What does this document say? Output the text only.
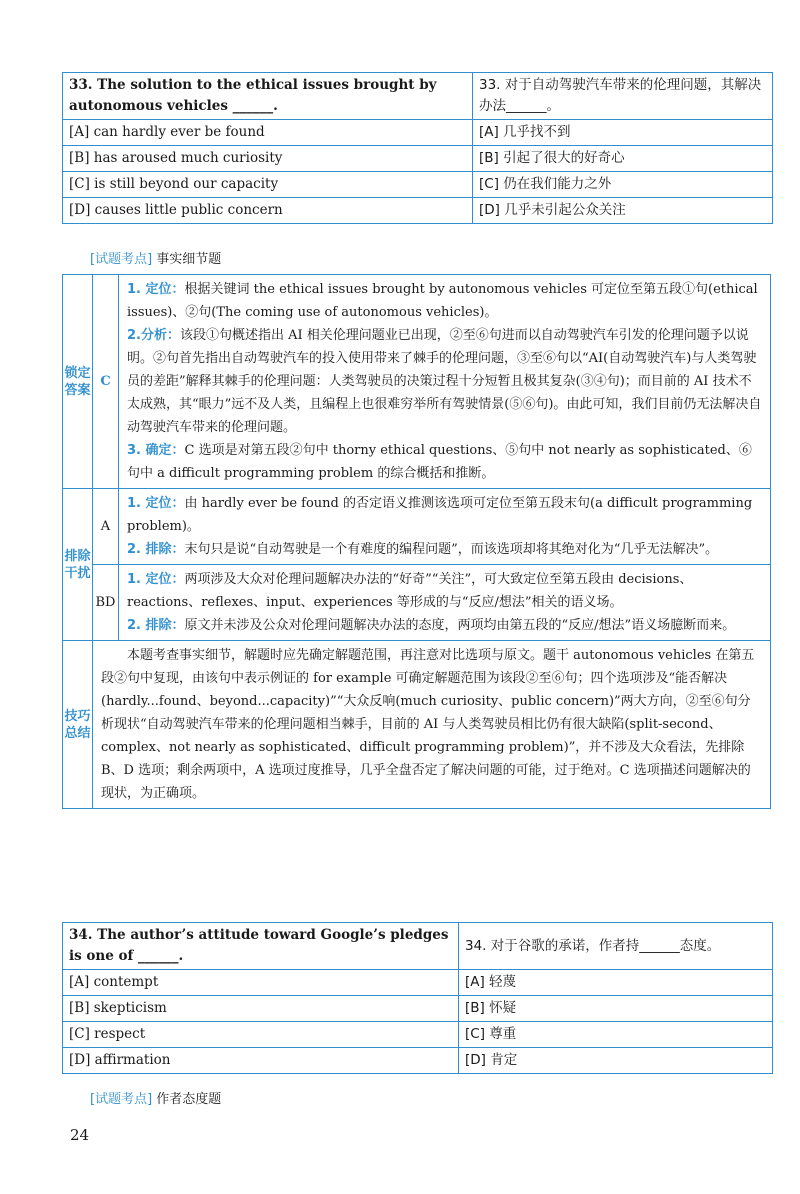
33. The solution to the ethical issues brought by autonomous vehicles ______.	33. 对于自动驾驶汽车带来的伦理问题，其解决办法______。
[A] can hardly ever be found	[A] 几乎找不到
[B] has aroused much curiosity	[B] 引起了很大的好奇心
[C] is still beyond our capacity	[C] 仍在我们能力之外
[D] causes little public concern	[D] 几乎未引起公众关注
[试题考点] 事实细节题
锁定答案	C	1. 定位：根据关键词 the ethical issues brought by autonomous vehicles 可定位至第五段①句(ethical issues)、②句(The coming use of autonomous vehicles)。

2.分析：该段①句概述指出 AI 相关伦理问题业已出现，②至⑥句进而以自动驾驶汽车引发的伦理问题予以说明。②句首先指出自动驾驶汽车的投入使用带来了棘手的伦理问题，③至⑥句以“AI(自动驾驶汽车)与人类驾驶员的差距”解释其棘手的伦理问题：人类驾驶员的决策过程十分短暂且极其复杂(③④句)；而目前的 AI 技术不太成熟，其“眼力”远不及人类，且编程上也很难穷举所有驾驶情景(⑤⑥句)。由此可知，我们目前仍无法解决自动驾驶汽车带来的伦理问题。

3. 确定：C 选项是对第五段②句中 thorny ethical questions、⑤句中 not nearly as sophisticated、⑥句中 a difficult programming problem 的综合概括和推断。

排除干扰	A	1. 定位：由 hardly ever be found 的否定语义推测该选项可定位至第五段末句(a difficult programming problem)。

2. 排除：末句只是说“自动驾驶是一个有难度的编程问题”，而该选项却将其绝对化为“几乎无法解决”。

	BD	1. 定位：两项涉及大众对伦理问题解决办法的“好奇”“关注”，可大致定位至第五段由 decisions、reactions、reflexes、input、experiences 等形成的与“反应/想法”相关的语义场。

2. 排除：原文并未涉及公众对伦理问题解决办法的态度，两项均由第五段的“反应/想法”语义场臆断而来。

技巧总结	本题考查事实细节，解题时应先确定解题范围，再注意对比选项与原文。题干 autonomous vehicles 在第五段②句中复现，由该句中表示例证的 for example 可确定解题范围为该段②至⑥句；四个选项涉及“能否解决(hardly...found、beyond...capacity)”“大众反响(much curiosity、public concern)”两大方向，②至⑥句分析现状“自动驾驶汽车带来的伦理问题相当棘手，目前的 AI 与人类驾驶员相比仍有很大缺陷(split-second、complex、not nearly as sophisticated、difficult programming problem)”，并不涉及大众看法，先排除 B、D 选项；剩余两项中，A 选项过度推导，几乎全盘否定了解决问题的可能，过于绝对。C 选项描述问题解决的现状，为正确项。	

34. The author’s attitude toward Google’s pledges is one of ______.	34. 对于谷歌的承诺，作者持______态度。
[A] contempt	[A] 轻蔑
[B] skepticism	[B] 怀疑
[C] respect	[C] 尊重
[D] affirmation	[D] 肯定
[试题考点] 作者态度题
24
